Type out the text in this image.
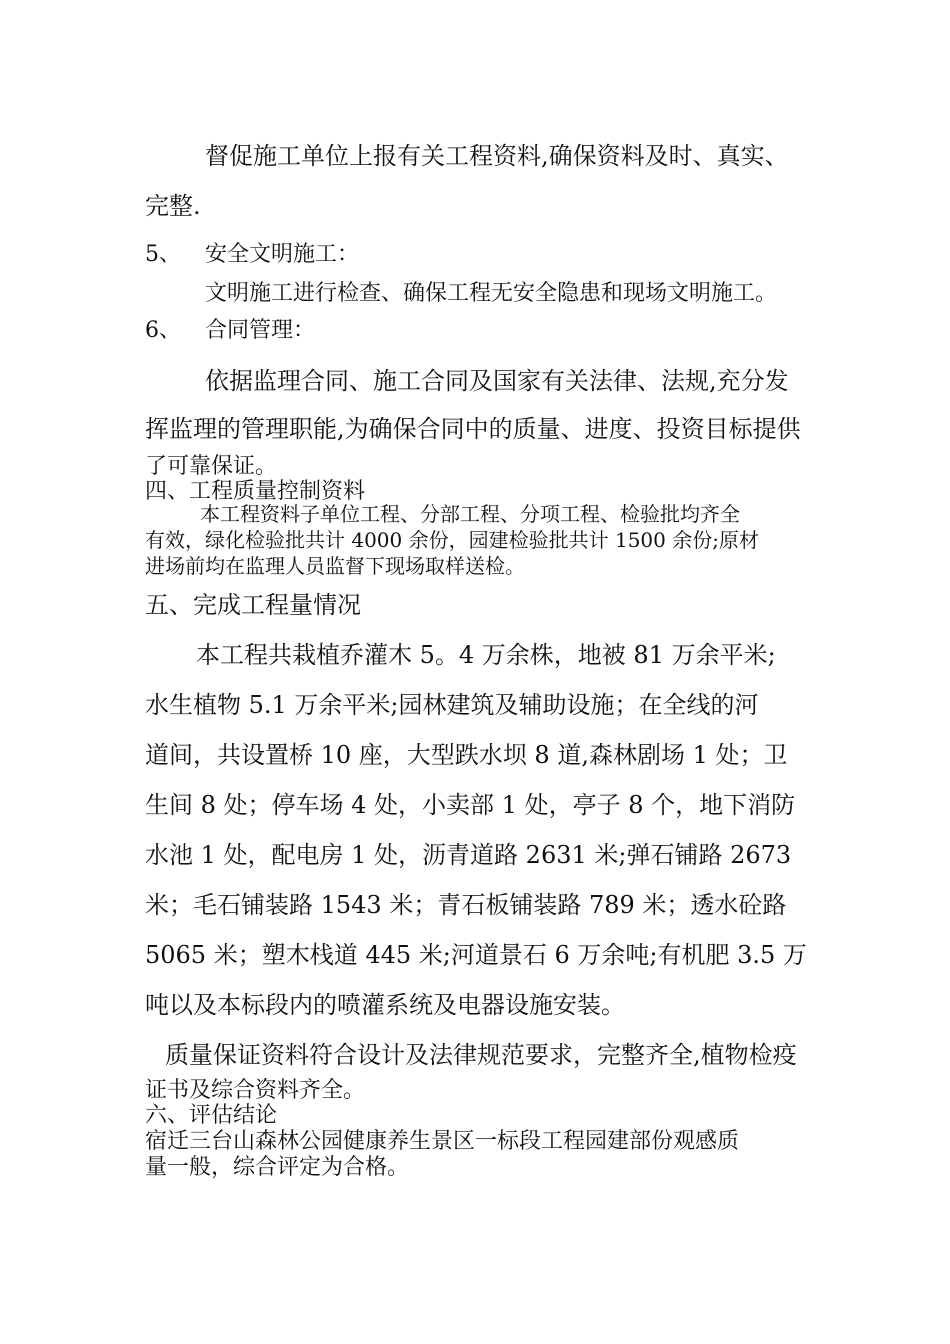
督促施工单位上报有关工程资料,确保资料及时、真实、

完整.

5、 安全文明施工：

文明施工进行检查、确保工程无安全隐患和现场文明施工。

6、 合同管理：

依据监理合同、施工合同及国家有关法律、法规,充分发

挥监理的管理职能,为确保合同中的质量、进度、投资目标提供

了可靠保证。

四、工程质量控制资料

本工程资料子单位工程、分部工程、分项工程、检验批均齐全

有效，绿化检验批共计 4000 余份，园建检验批共计 1500 余份;原材

进场前均在监理人员监督下现场取样送检。

五、完成工程量情况

本工程共栽植乔灌木 5。4 万余株，地被 81 万余平米;

水生植物 5.1 万余平米;园林建筑及辅助设施；在全线的河

道间，共设置桥 10 座，大型跌水坝 8 道,森林剧场 1 处；卫

生间 8 处；停车场 4 处，小卖部 1 处，亭子 8 个，地下消防

水池 1 处，配电房 1 处，沥青道路 2631 米;弹石铺路 2673

米；毛石铺装路 1543 米；青石板铺装路 789 米；透水砼路

5065 米；塑木栈道 445 米;河道景石 6 万余吨;有机肥 3.5 万

吨以及本标段内的喷灌系统及电器设施安装。

质量保证资料符合设计及法律规范要求，完整齐全,植物检疫

证书及综合资料齐全。

六、评估结论

宿迁三台山森林公园健康养生景区一标段工程园建部份观感质

量一般，综合评定为合格。
